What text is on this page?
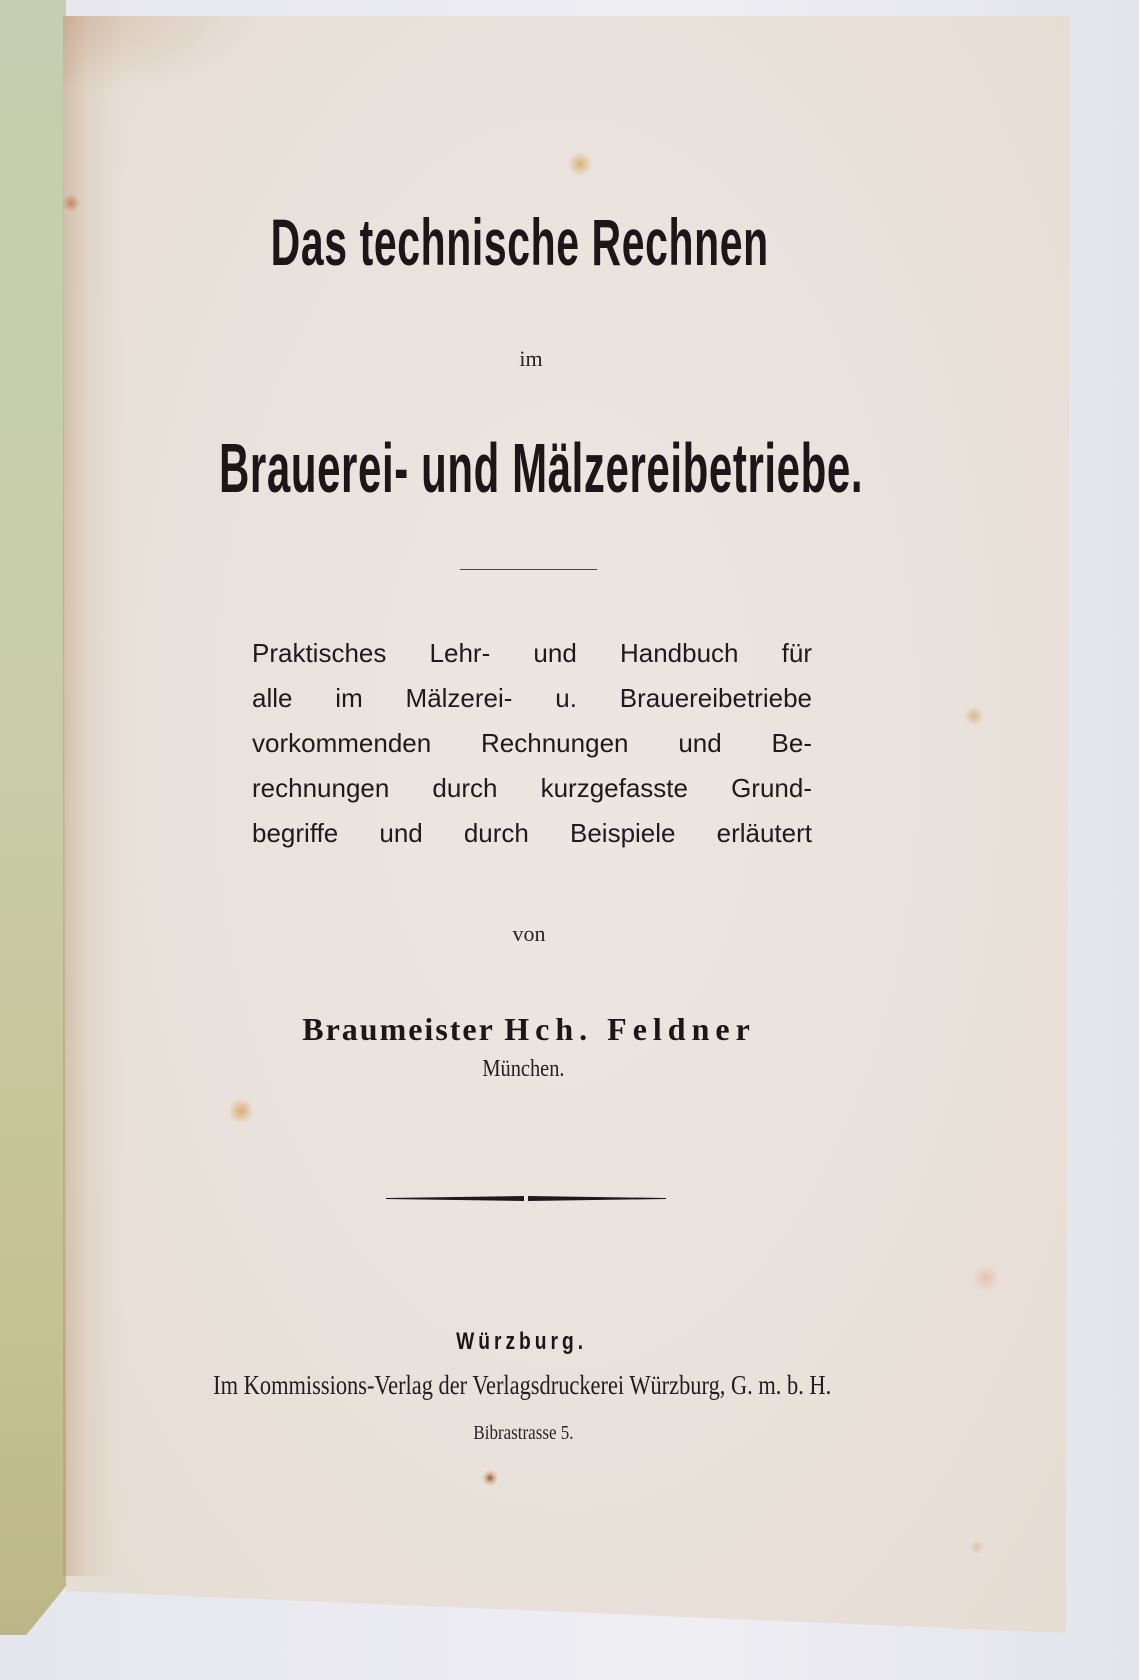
Das technische Rechnen
im
Brauerei- und Mälzereibetriebe.
Praktisches Lehr- und Handbuch für
alle im Mälzerei- u. Brauereibetriebe
vorkommenden Rechnungen und Be-
rechnungen durch kurzgefasste Grund-
begriffe und durch Beispiele erläutert
von
Braumeister Hch. Feldner
München.
Würzburg.
Im Kommissions-Verlag der Verlagsdruckerei Würzburg, G. m. b. H.
Bibrastrasse 5.
